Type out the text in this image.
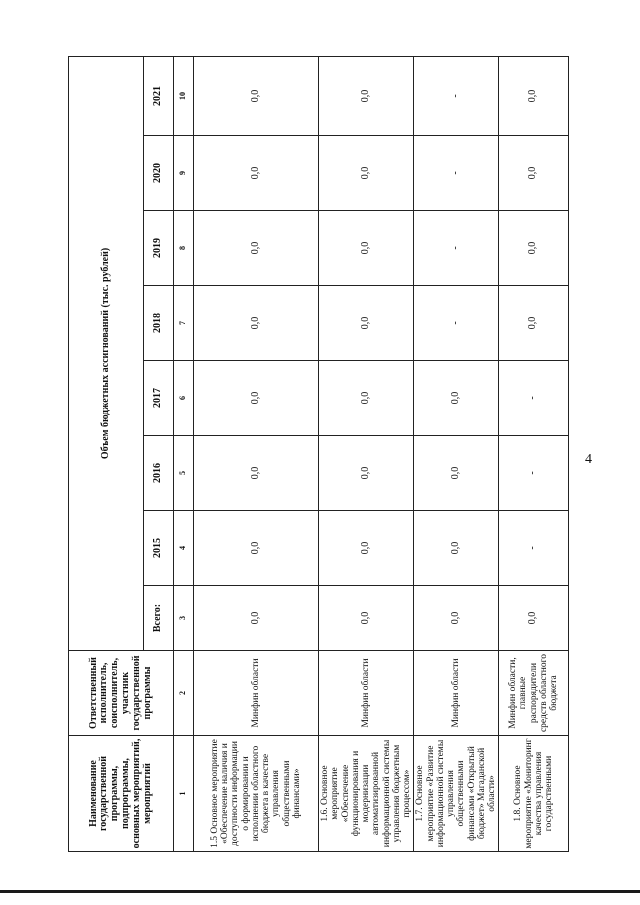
4
Наименование государственной программы, подпрограммы, основных мероприятий, мероприятий	Ответственный исполнитель, соисполнитель, участник государственной программы	Объем бюджетных ассигнований (тыс. рублей)							
		Всего:	2015	2016	2017	2018	2019	2020	2021
1	2	3	4	5	6	7	8	9	10
1.5 Основное мероприятие «Обеспечение наличия и доступности информации о формировании и исполнении областного бюджета в качестве управления общественными финансами»	Минфин области	0,0	0,0	0,0	0,0	0,0	0,0	0,0	0,0
1.6. Основное мероприятие «Обеспечение функционирования и модернизации автоматизированной информационной системы управления бюджетным процессом»	Минфин области	0,0	0,0	0,0	0,0	0,0	0,0	0,0	0,0
1.7. Основное мероприятие «Развитие информационной системы управления общественными финансами «Открытый бюджет» Магаданской области»	Минфин области	0,0	0,0	0,0	0,0	-	-	-	-
1.8. Основное мероприятие «Мониторинг качества управления государственными	Минфин области, главные распорядители средств областного бюджета	0,0	-	-	-	0,0	0,0	0,0	0,0
